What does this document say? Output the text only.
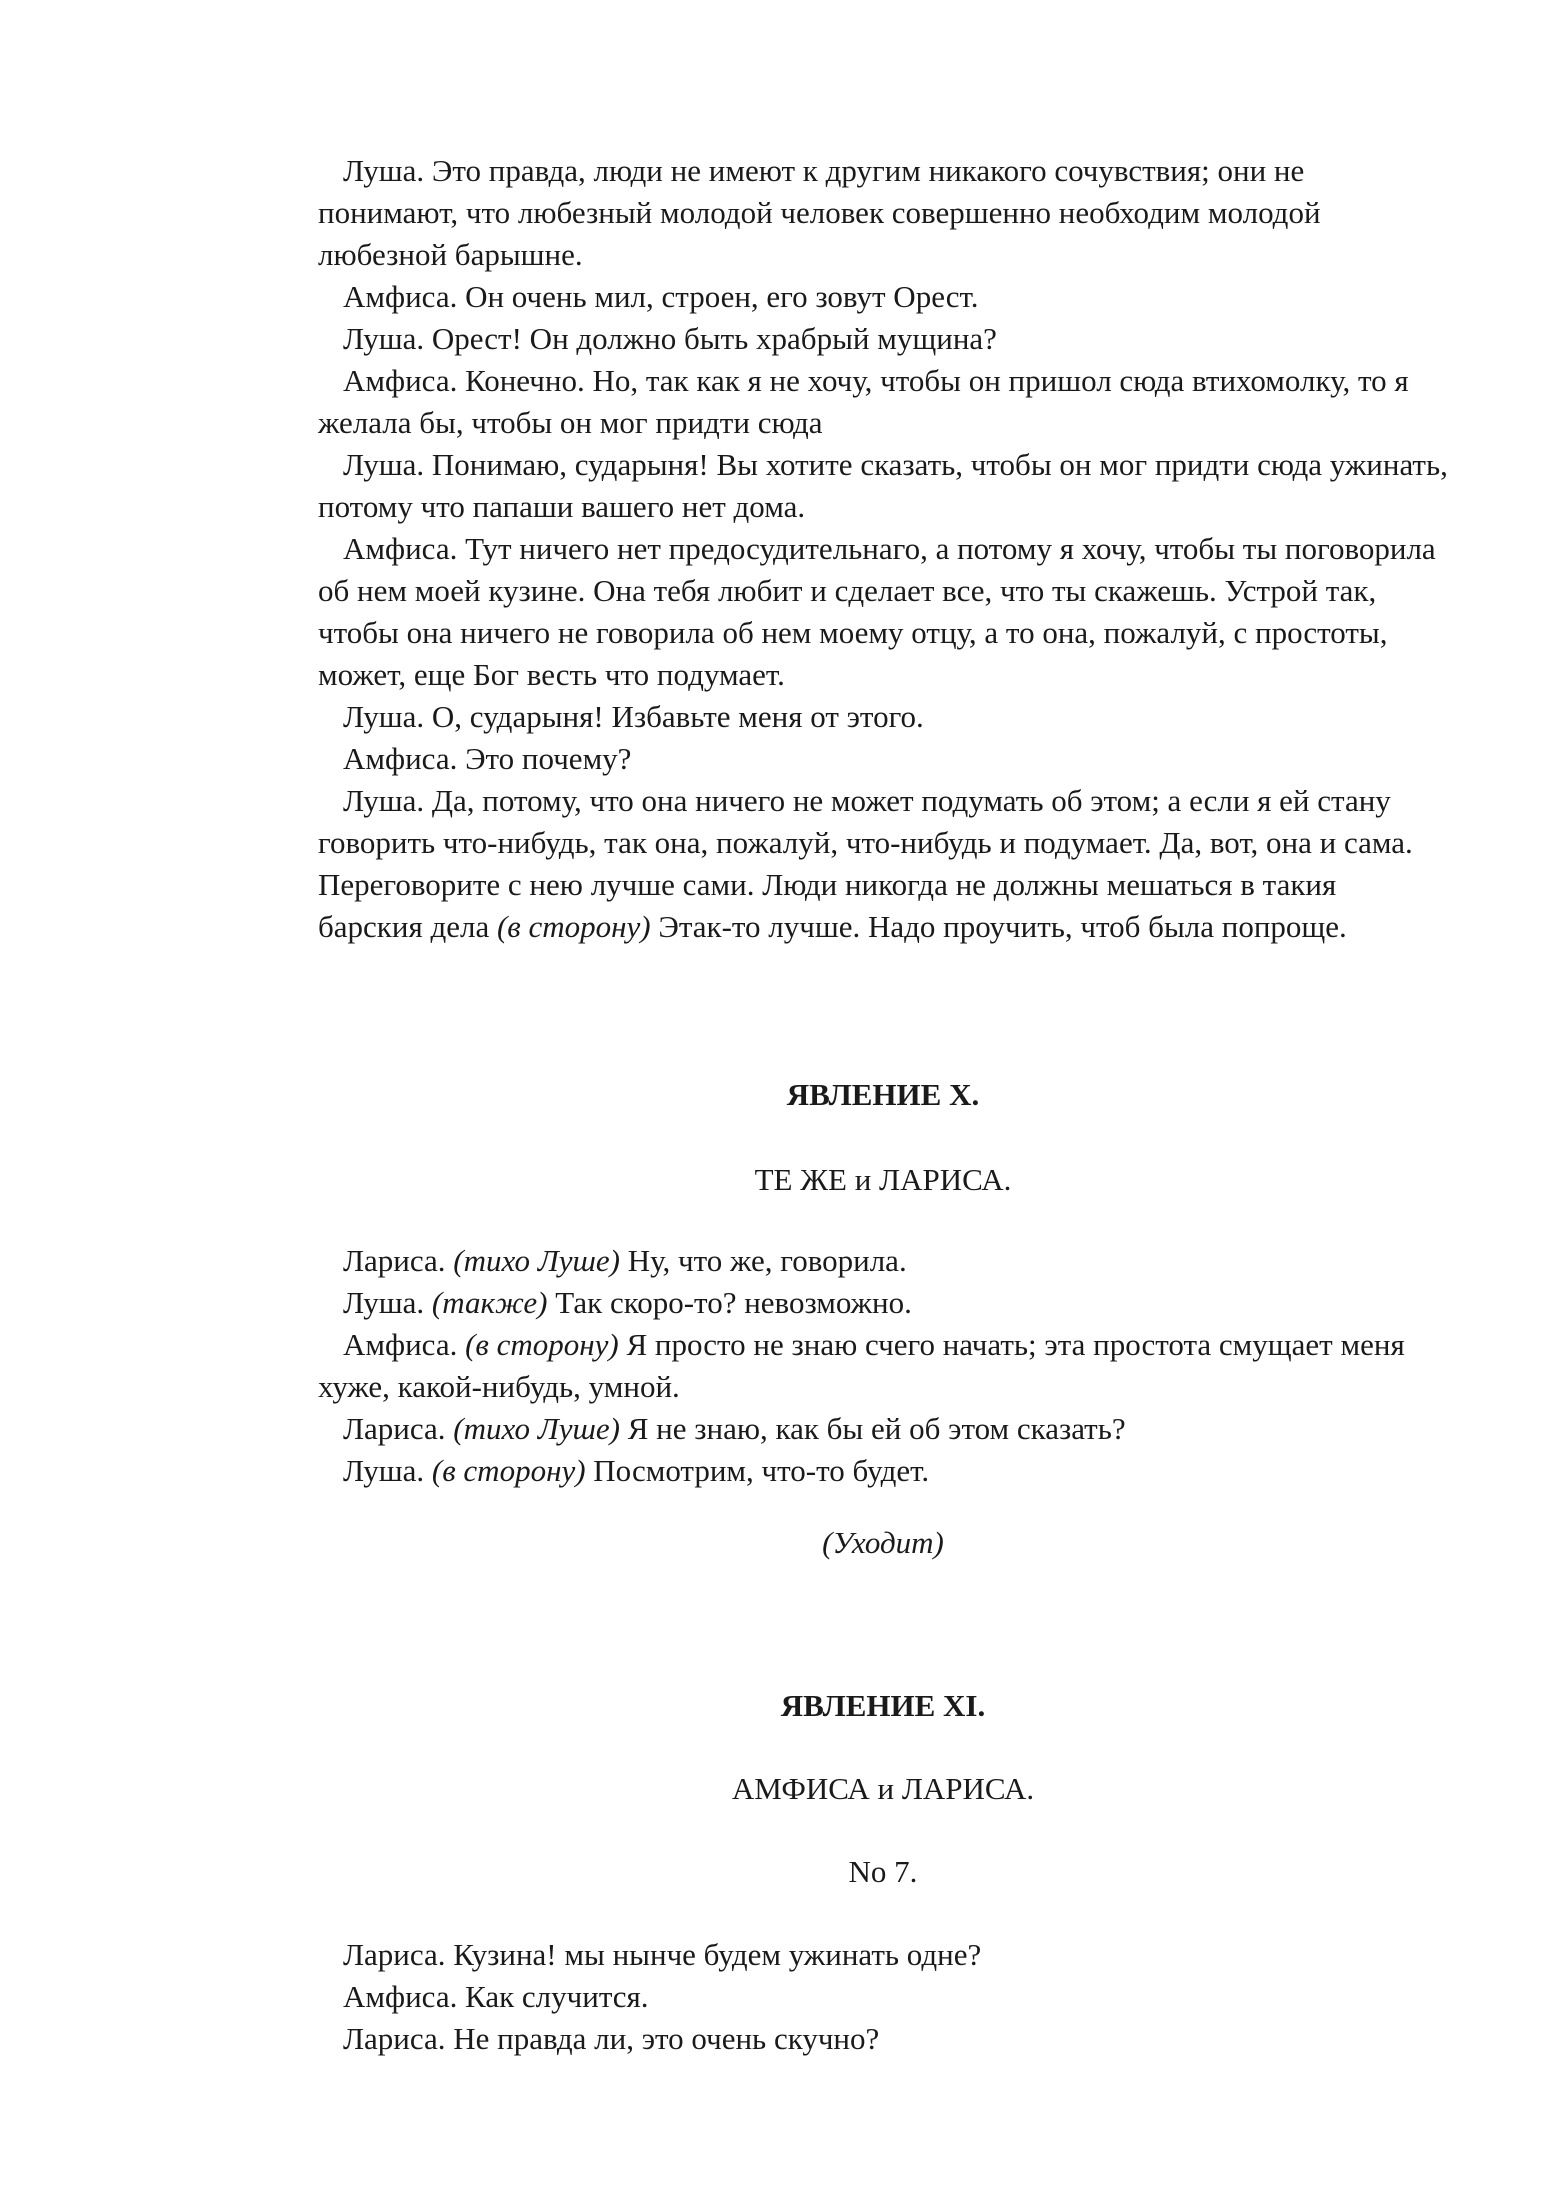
Луша. Это правда, люди не имеют к другим никакого сочувствия; они не понимают, что любезный молодой человек совершенно необходим молодой любезной барышне.

Амфиса. Он очень мил, строен, его зовут Орест.

Луша. Орест! Он должно быть храбрый мущина?

Амфиса. Конечно. Но, так как я не хочу, чтобы он пришол сюда втихомолку, то я желала бы, чтобы он мог придти сюда

Луша. Понимаю, сударыня! Вы хотите сказать, чтобы он мог придти сюда ужинать, потому что папаши вашего нет дома.

Амфиса. Тут ничего нет предосудительнаго, а потому я хочу, чтобы ты поговорила об нем моей кузине. Она тебя любит и сделает все, что ты скажешь. Устрой так, чтобы она ничего не говорила об нем моему отцу, а то она, пожалуй, с простоты, может, еще Бог весть что подумает.

Луша. О, сударыня! Избавьте меня от этого.

Амфиса. Это почему?

Луша. Да, потому, что она ничего не может подумать об этом; а если я ей стану говорить что-нибудь, так она, пожалуй, что-нибудь и подумает. Да, вот, она и сама. Переговорите с нею лучше сами. Люди никогда не должны мешаться в такия барския дела (в сторону) Этак-то лучше. Надо проучить, чтоб была попроще.

ЯВЛЕНИЕ X.
ТЕ ЖЕ и ЛАРИСА.

Лариса. (тихо Луше) Ну, что же, говорила.

Луша. (также) Так скоро-то? невозможно.

Амфиса. (в сторону) Я просто не знаю счего начать; эта простота смущает меня хуже, какой-нибудь, умной.

Лариса. (тихо Луше) Я не знаю, как бы ей об этом сказать?

Луша. (в сторону) Посмотрим, что-то будет.

(Уходит)
ЯВЛЕНИЕ XI.
АМФИСА и ЛАРИСА.
No 7.

Лариса. Кузина! мы нынче будем ужинать одне?

Амфиса. Как случится.

Лариса. Не правда ли, это очень скучно?
